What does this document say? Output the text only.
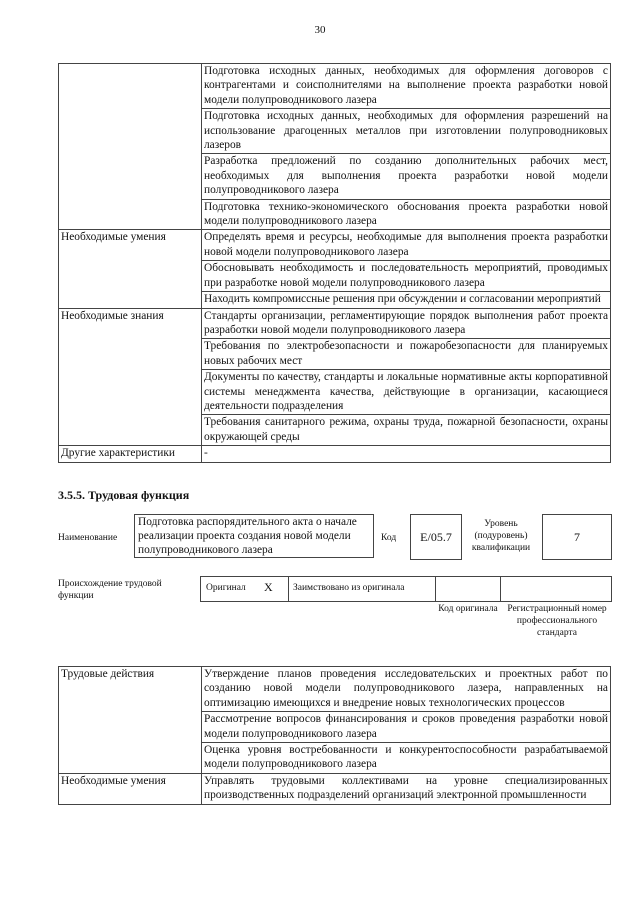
30
	Подготовка исходных данных, необходимых для оформления договоров с контрагентами и соисполнителями на выполнение проекта разработки новой модели полупроводникового лазера
	Подготовка исходных данных, необходимых для оформления разрешений на использование драгоценных металлов при изготовлении полупроводниковых лазеров
	Разработка предложений по созданию дополнительных рабочих мест, необходимых для выполнения проекта разработки новой модели полупроводникового лазера
	Подготовка технико-экономического обоснования проекта разработки новой модели полупроводникового лазера
Необходимые умения	Определять время и ресурсы, необходимые для выполнения проекта разработки новой модели полупроводникового лазера
	Обосновывать необходимость и последовательность мероприятий, проводимых при разработке новой модели полупроводникового лазера
	Находить компромиссные решения при обсуждении и согласовании мероприятий
Необходимые знания	Стандарты организации, регламентирующие порядок выполнения работ проекта разработки новой модели полупроводникового лазера
	Требования по электробезопасности и пожаробезопасности для планируемых новых рабочих мест
	Документы по качеству, стандарты и локальные нормативные акты корпоративной системы менеджмента качества, действующие в организации, касающиеся деятельности подразделения
	Требования санитарного режима, охраны труда, пожарной безопасности, охраны окружающей среды
Другие характеристики	-
3.5.5. Трудовая функция
Наименование
Подготовка распорядительного акта о начале реализации проекта создания новой модели полупроводникового лазера
Код	E/05.7
Уровень (подуровень) квалификации
7
Происхождение трудовой функции
Оригинал X Заимствовано из оригинала
Код оригинала Регистрационный номер профессионального стандарта
Трудовые действия	Утверждение планов проведения исследовательских и проектных работ по созданию новой модели полупроводникового лазера, направленных на оптимизацию имеющихся и внедрение новых технологических процессов
	Рассмотрение вопросов финансирования и сроков проведения разработки новой модели полупроводникового лазера
	Оценка уровня востребованности и конкурентоспособности разрабатываемой модели полупроводникового лазера
Необходимые умения	Управлять трудовыми коллективами на уровне специализированных производственных подразделений организаций электронной промышленности
